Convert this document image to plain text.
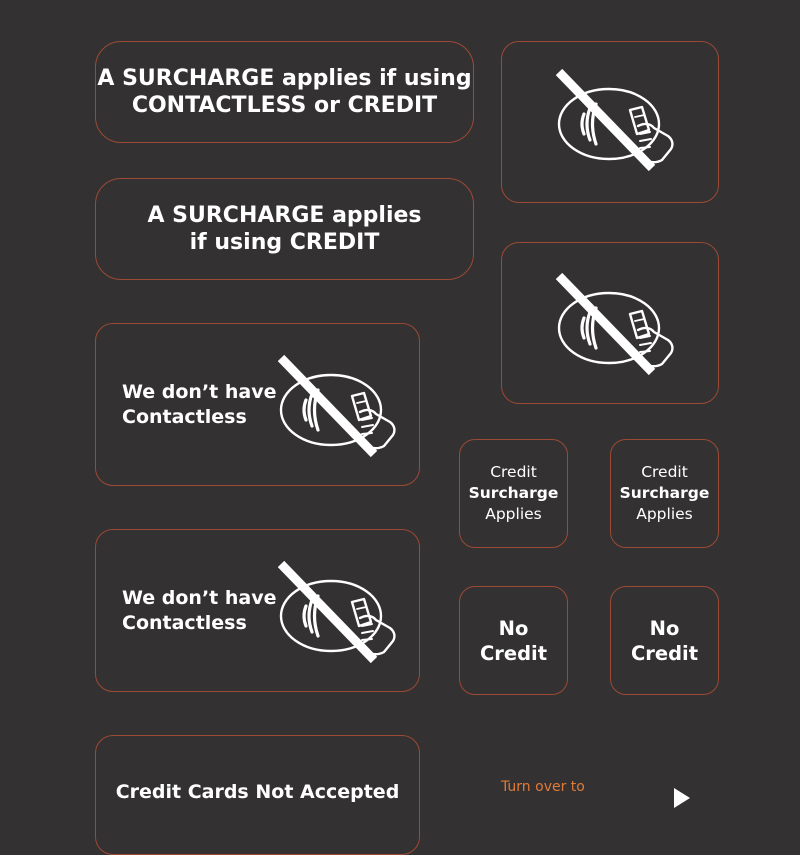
A SURCHARGE applies if using
CONTACTLESS or CREDIT
A SURCHARGE applies
if using CREDIT
We don’t have
Contactless
We don’t have
Contactless
Credit
Surcharge
Applies
Credit
Surcharge
Applies
No
Credit
No
Credit
Credit Cards Not Accepted	Turn over to
